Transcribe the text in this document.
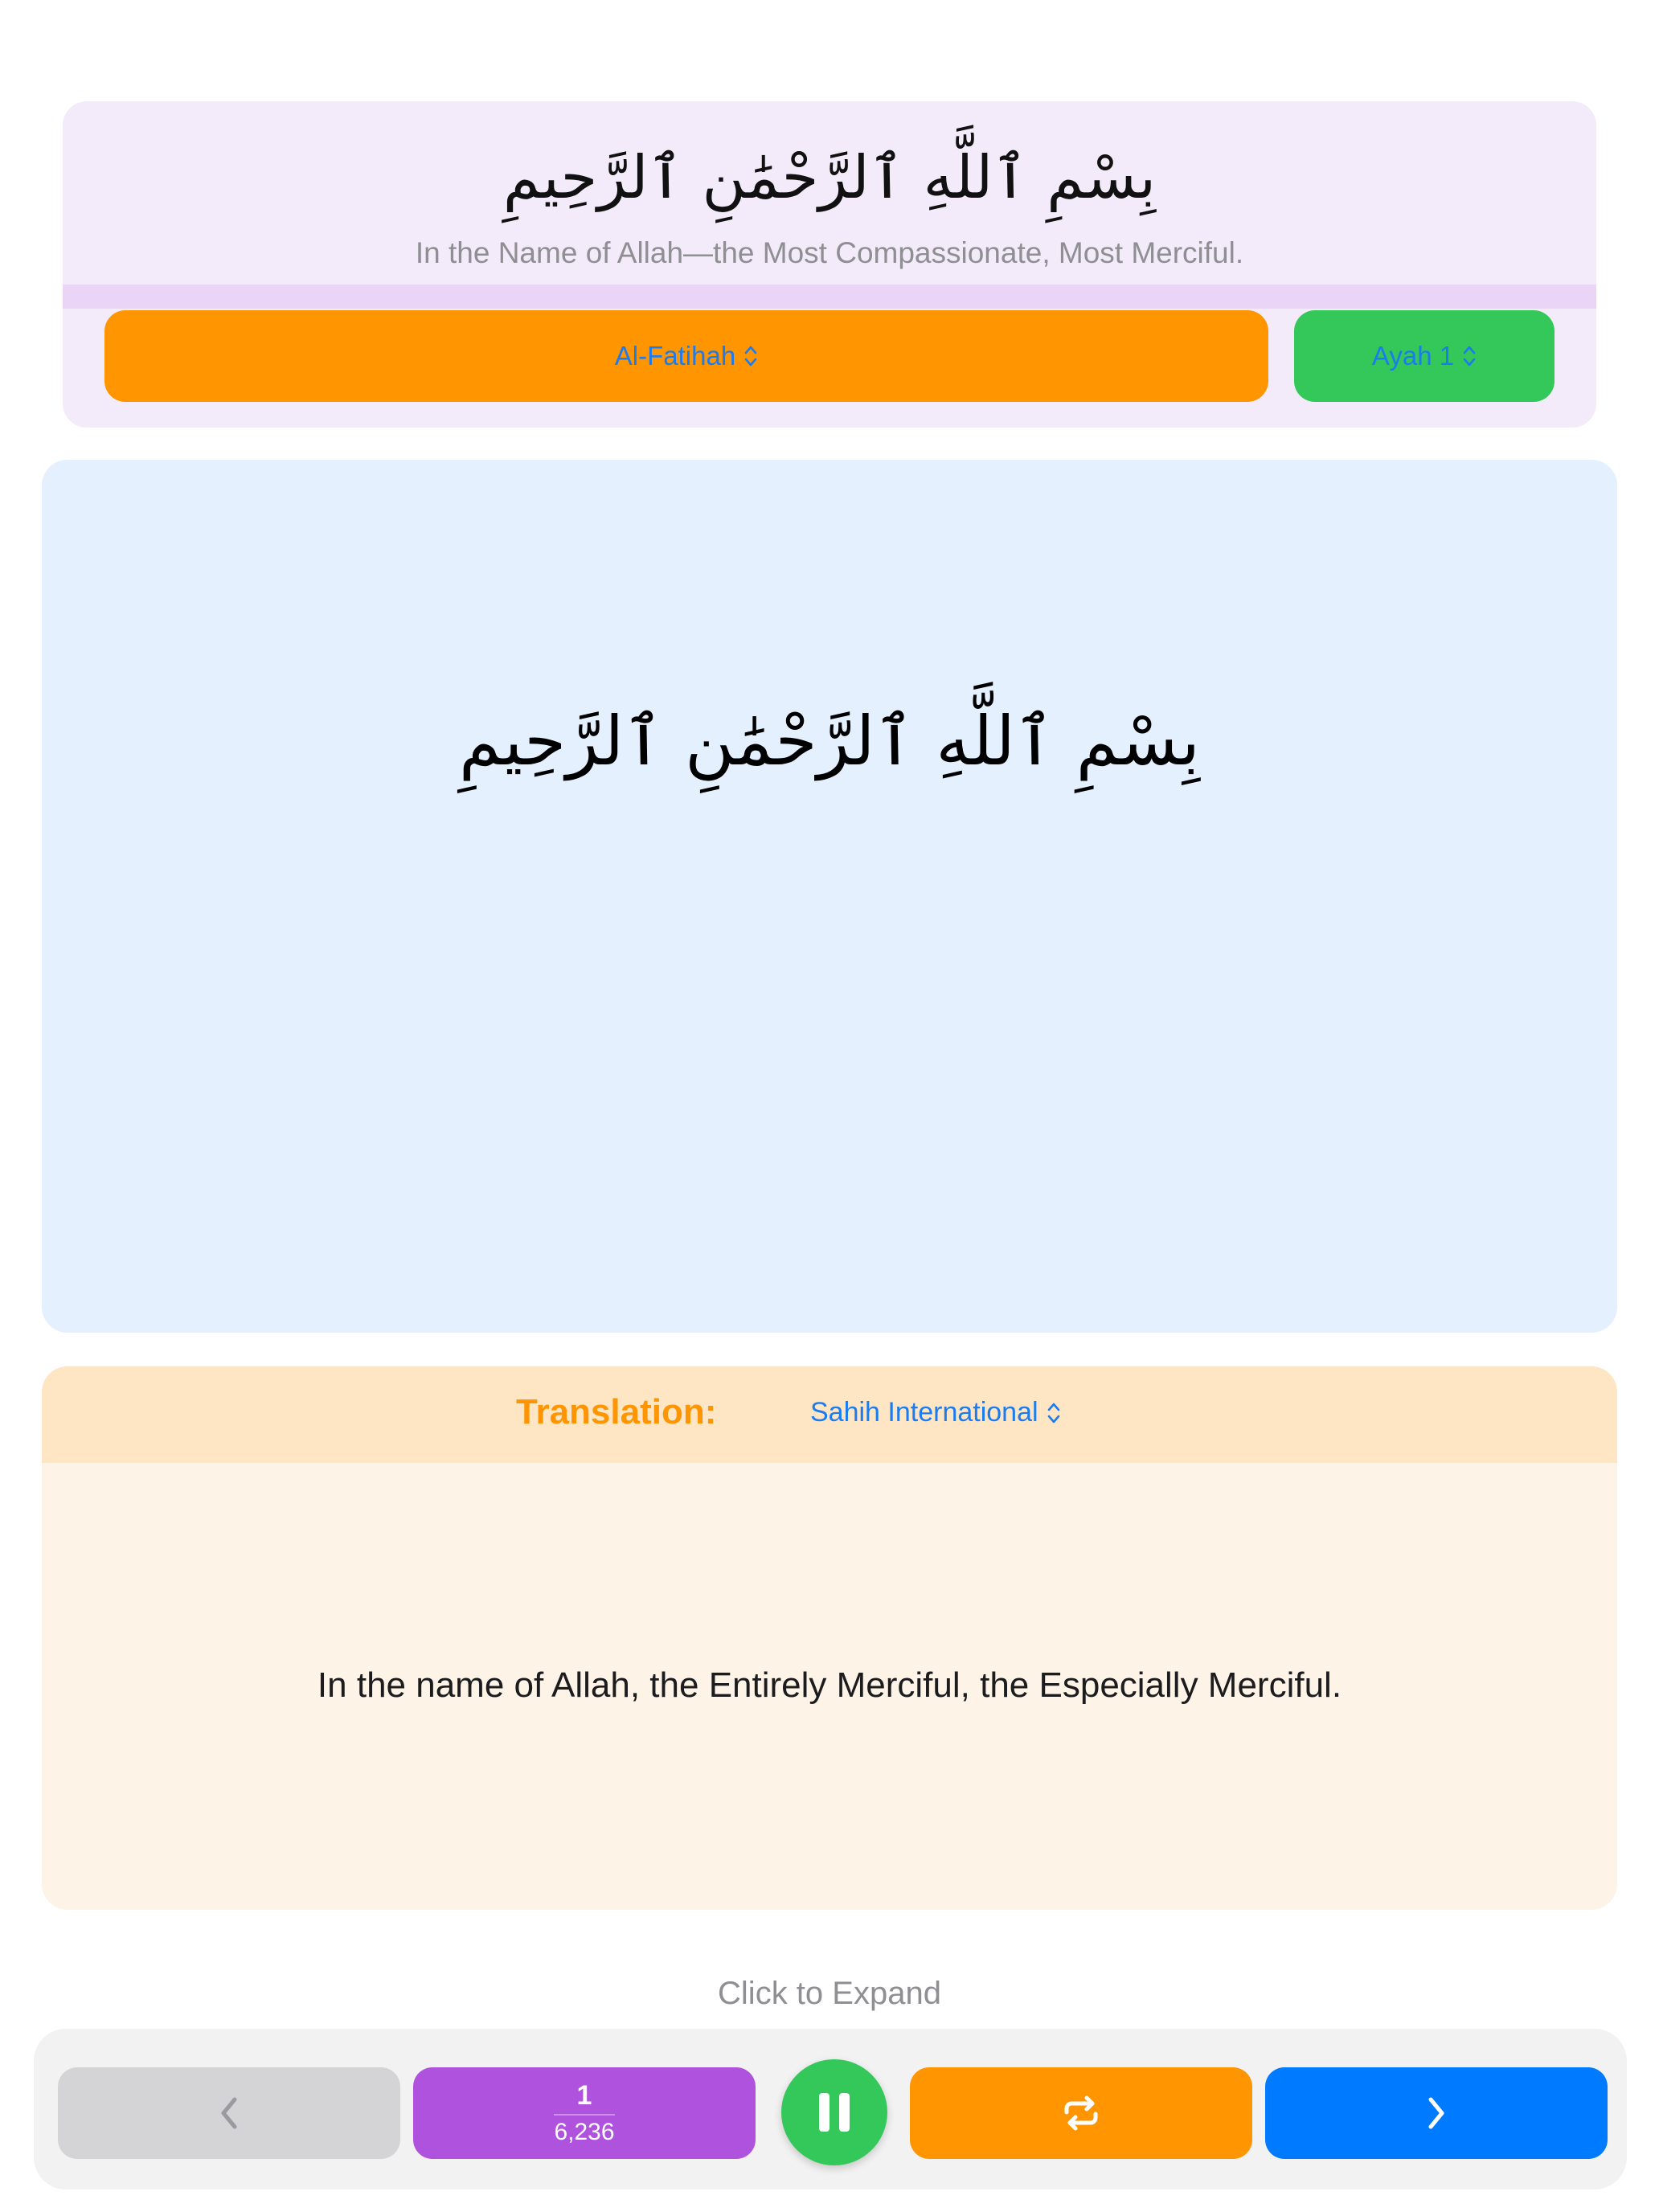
بِسْمِ ٱللَّهِ ٱلرَّحْمَٰنِ ٱلرَّحِيمِ
In the Name of Allah—the Most Compassionate, Most Merciful.
Al-Fatihah	Ayah 1
بِسْمِ ٱللَّهِ ٱلرَّحْمَٰنِ ٱلرَّحِيمِ
Translation:	Sahih International
In the name of Allah, the Entirely Merciful, the Especially Merciful.
Click to Expand
1
6,236
